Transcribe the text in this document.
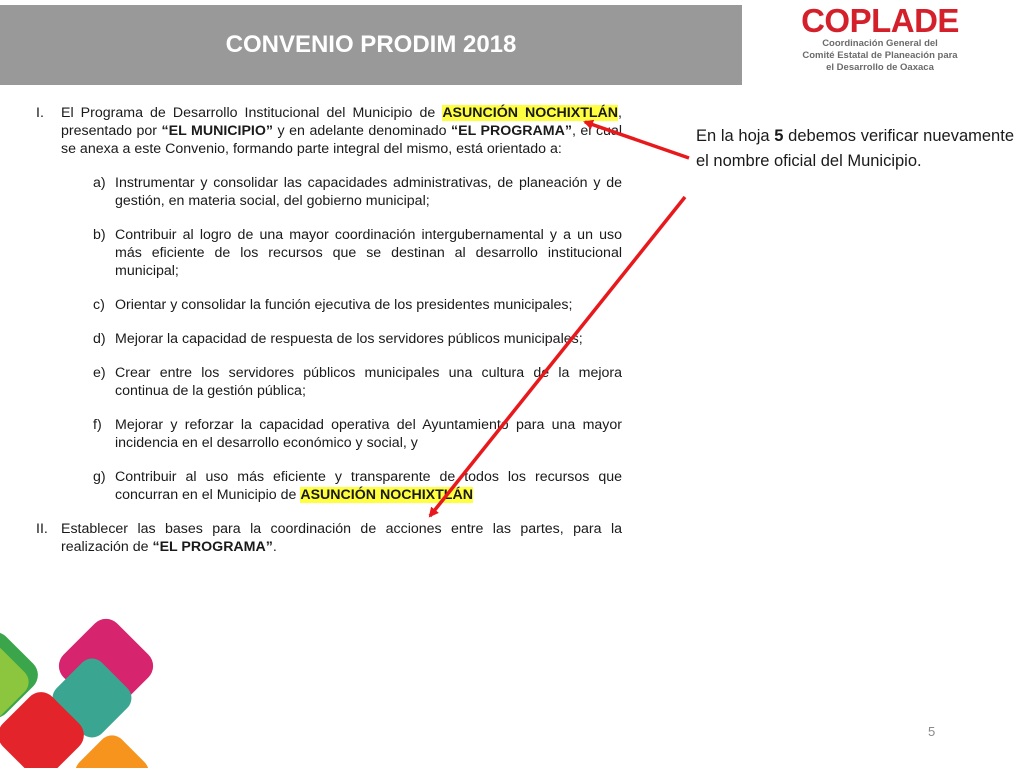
CONVENIO PRODIM 2018
COPLADE
Coordinación General del
Comité Estatal de Planeación para
el Desarrollo de Oaxaca
I. El Programa de Desarrollo Institucional del Municipio de ASUNCIÓN NOCHIXTLÁN, presentado por “EL MUNICIPIO” y en adelante denominado “EL PROGRAMA”, el cual se anexa a este Convenio, formando parte integral del mismo, está orientado a:
a) Instrumentar y consolidar las capacidades administrativas, de planeación y de gestión, en materia social, del gobierno municipal;
b) Contribuir al logro de una mayor coordinación intergubernamental y a un uso más eficiente de los recursos que se destinan al desarrollo institucional municipal;
c) Orientar y consolidar la función ejecutiva de los presidentes municipales;
d) Mejorar la capacidad de respuesta de los servidores públicos municipales;
e) Crear entre los servidores públicos municipales una cultura de la mejora continua de la gestión pública;
f) Mejorar y reforzar la capacidad operativa del Ayuntamiento para una mayor incidencia en el desarrollo económico y social, y
g) Contribuir al uso más eficiente y transparente de todos los recursos que concurran en el Municipio de ASUNCIÓN NOCHIXTLÁN
II. Establecer las bases para la coordinación de acciones entre las partes, para la realización de “EL PROGRAMA”.
En la hoja 5 debemos verificar nuevamente el nombre oficial del Municipio.
5
